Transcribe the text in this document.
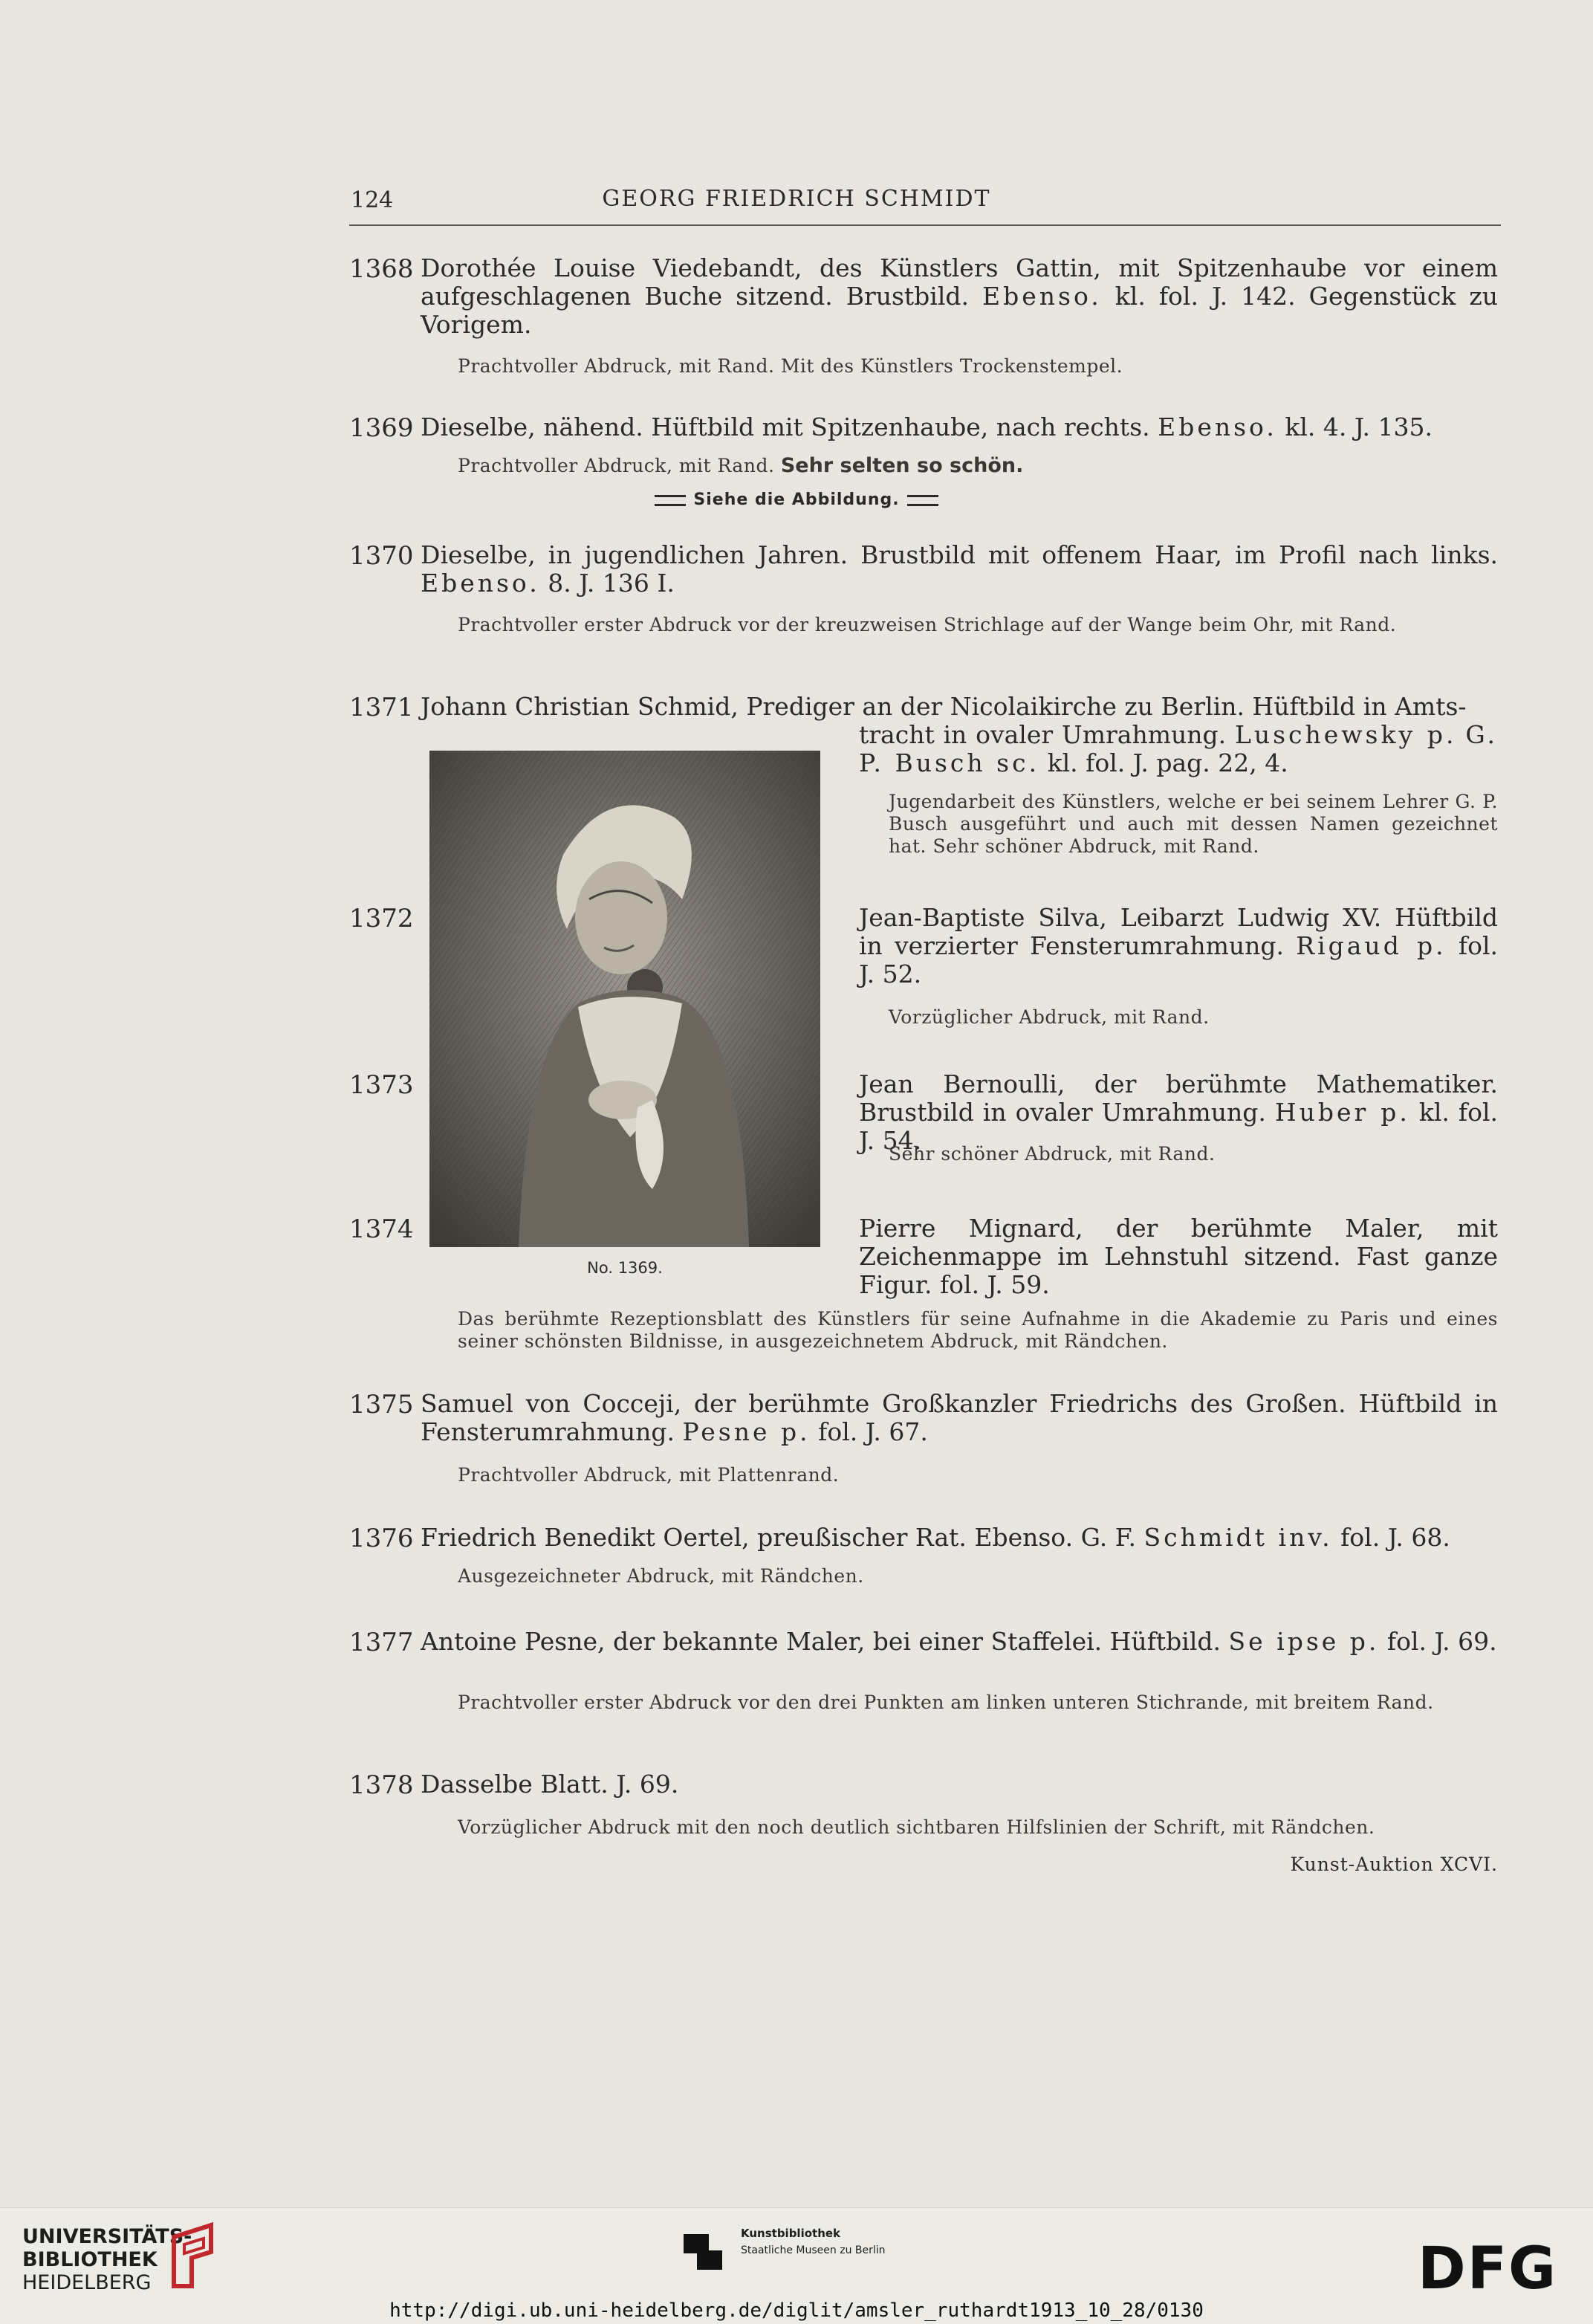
124	GEORG FRIEDRICH SCHMIDT
1368 Dorothée Louise Viedebandt, des Künstlers Gattin, mit Spitzenhaube vor einem aufgeschlagenen Buche sitzend. Brustbild. Ebenso. kl. fol. J. 142. Gegenstück zu Vorigem.
Prachtvoller Abdruck, mit Rand. Mit des Künstlers Trockenstempel.
1369 Dieselbe, nähend. Hüftbild mit Spitzenhaube, nach rechts. Ebenso. kl. 4. J. 135.
Prachtvoller Abdruck, mit Rand. Sehr selten so schön.
Siehe die Abbildung.
1370 Dieselbe, in jugendlichen Jahren. Brustbild mit offenem Haar, im Profil nach links. Ebenso. 8. J. 136 I.
Prachtvoller erster Abdruck vor der kreuzweisen Strichlage auf der Wange beim Ohr, mit Rand.
1371 Johann Christian Schmid, Prediger an der Nicolaikirche zu Berlin. Hüftbild in Amts-
tracht in ovaler Umrahmung. Luschewsky p. G. P. Busch sc. kl. fol. J. pag. 22, 4.
Jugendarbeit des Künstlers, welche er bei seinem Lehrer G. P. Busch ausgeführt und auch mit dessen Namen gezeichnet hat. Sehr schöner Abdruck, mit Rand.
No. 1369.
1372	Jean-Baptiste Silva, Leibarzt Ludwig XV. Hüftbild in verzierter Fensterumrahmung. Rigaud p. fol. J. 52.
Vorzüglicher Abdruck, mit Rand.
1373	Jean Bernoulli, der berühmte Mathematiker. Brustbild in ovaler Umrahmung. Huber p. kl. fol. J. 54.
Sehr schöner Abdruck, mit Rand.
1374	Pierre Mignard, der berühmte Maler, mit Zeichenmappe im Lehnstuhl sitzend. Fast ganze Figur. fol. J. 59.
Das berühmte Rezeptionsblatt des Künstlers für seine Aufnahme in die Akademie zu Paris und eines seiner schönsten Bildnisse, in ausgezeichnetem Abdruck, mit Rändchen.
1375 Samuel von Cocceji, der berühmte Großkanzler Friedrichs des Großen. Hüftbild in Fensterumrahmung. Pesne p. fol. J. 67.
Prachtvoller Abdruck, mit Plattenrand.
1376 Friedrich Benedikt Oertel, preußischer Rat. Ebenso. G. F. Schmidt inv. fol. J. 68.
Ausgezeichneter Abdruck, mit Rändchen.
1377 Antoine Pesne, der bekannte Maler, bei einer Staffelei. Hüftbild. Se ipse p. fol. J. 69.
Prachtvoller erster Abdruck vor den drei Punkten am linken unteren Stichrande, mit breitem Rand.
1378 Dasselbe Blatt. J. 69.
Vorzüglicher Abdruck mit den noch deutlich sichtbaren Hilfslinien der Schrift, mit Rändchen.
Kunst-Auktion XCVI.
UNIVERSITÄTS-
BIBLIOTHEK
HEIDELBERG
Kunstbibliothek
Staatliche Museen zu Berlin	DFG
http://digi.ub.uni-heidelberg.de/diglit/amsler_ruthardt1913_10_28/0130
